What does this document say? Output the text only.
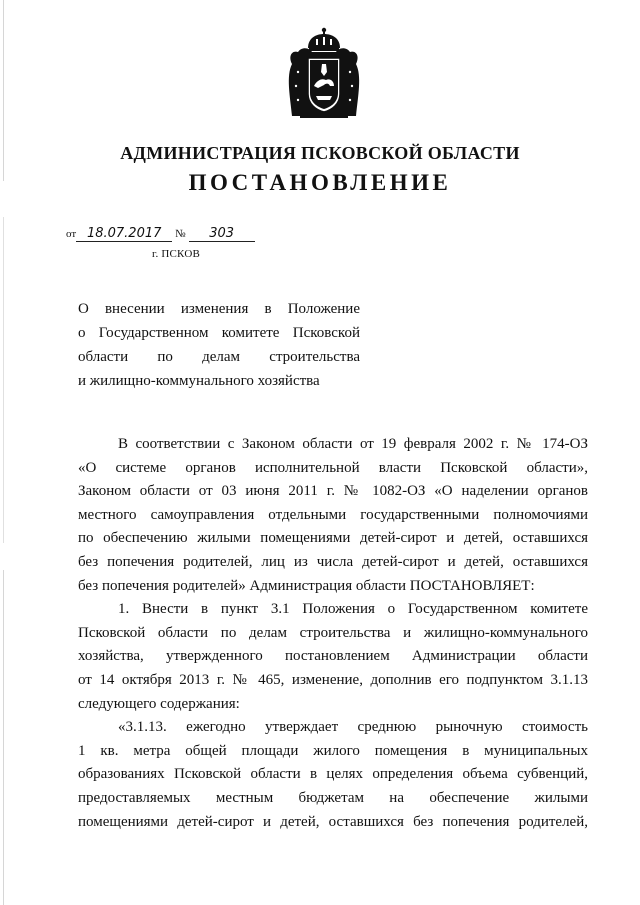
АДМИНИСТРАЦИЯ ПСКОВСКОЙ ОБЛАСТИ
ПОСТАНОВЛЕНИЕ
от 18.07.2017 № 303
г. ПСКОВ
О внесении изменения в Положение
о Государственном комитете Псковской
области по делам строительства
и жилищно-коммунального хозяйства
В соответствии с Законом области от 19 февраля 2002 г. № 174-ОЗ
«О системе органов исполнительной власти Псковской области»,
Законом области от 03 июня 2011 г. № 1082-ОЗ «О наделении органов
местного самоуправления отдельными государственными полномочиями
по обеспечению жилыми помещениями детей-сирот и детей, оставшихся
без попечения родителей, лиц из числа детей-сирот и детей, оставшихся
без попечения родителей» Администрация области ПОСТАНОВЛЯЕТ:
1. Внести в пункт 3.1 Положения о Государственном комитете
Псковской области по делам строительства и жилищно-коммунального
хозяйства, утвержденного постановлением Администрации области
от 14 октября 2013 г. № 465, изменение, дополнив его подпунктом 3.1.13
следующего содержания:
«3.1.13. ежегодно утверждает среднюю рыночную стоимость
1 кв. метра общей площади жилого помещения в муниципальных
образованиях Псковской области в целях определения объема субвенций,
предоставляемых местным бюджетам на обеспечение жилыми
помещениями детей-сирот и детей, оставшихся без попечения родителей,
